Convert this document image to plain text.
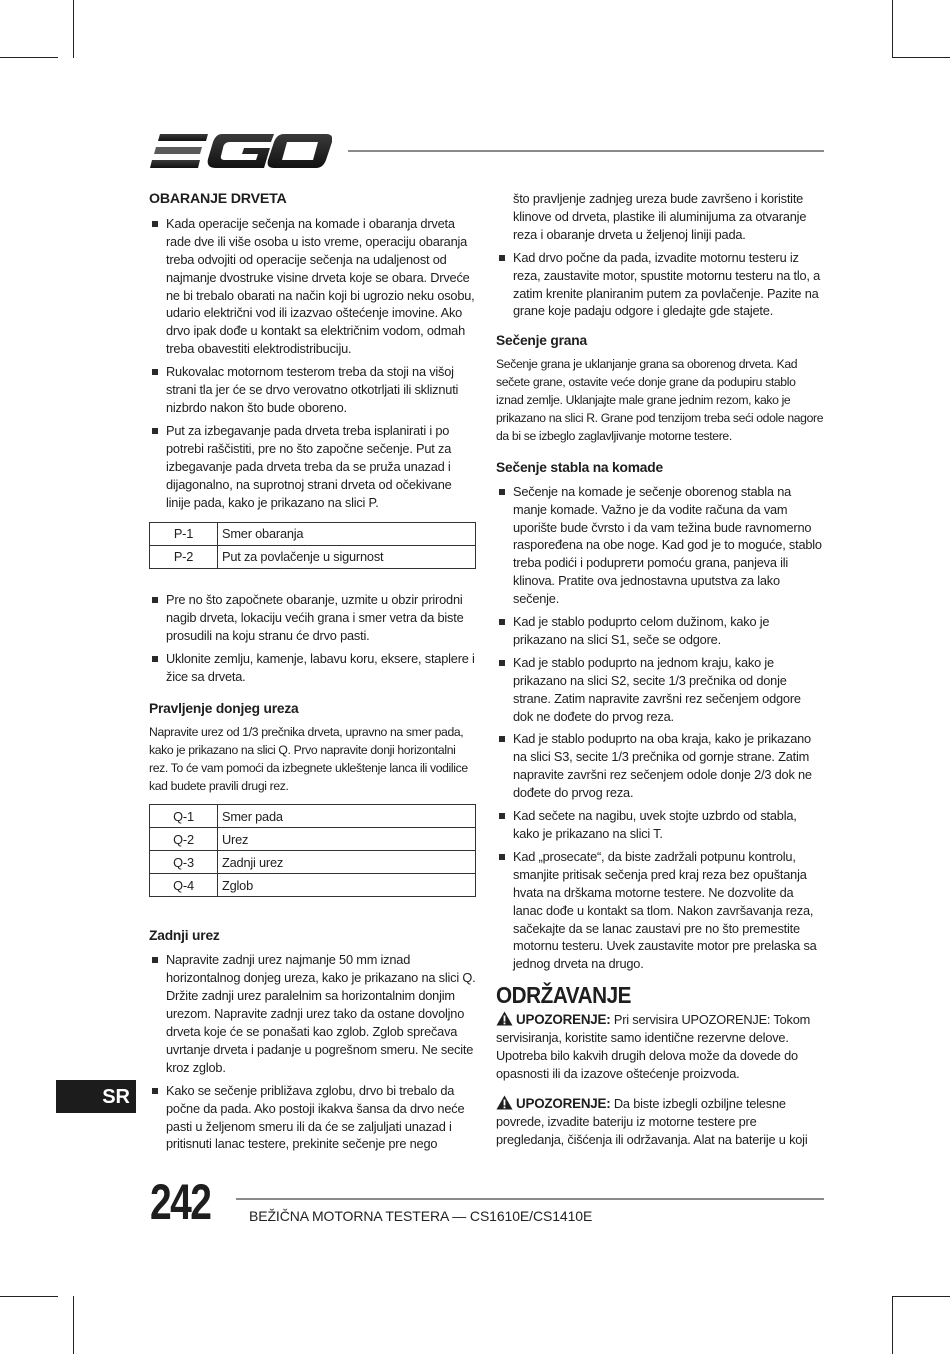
OBARANJE DRVETA
Kada operacije sečenja na komade i obaranja drveta rade dve ili više osoba u isto vreme, operaciju obaranja treba odvojiti od operacije sečenja na udaljenost od najmanje dvostruke visine drveta koje se obara. Drveće ne bi trebalo obarati na način koji bi ugrozio neku osobu, udario električni vod ili izazvao oštećenje imovine. Ako drvo ipak dođe u kontakt sa električnim vodom, odmah treba obavestiti elektrodistribuciju.
Rukovalac motornom testerom treba da stoji na višoj strani tla jer će se drvo verovatno otkotrljati ili skliznuti nizbrdo nakon što bude oboreno.
Put za izbegavanje pada drveta treba isplanirati i po potrebi raščistiti, pre no što započne sečenje. Put za izbegavanje pada drveta treba da se pruža unazad i dijagonalno, na suprotnoj strani drveta od očekivane linije pada, kako je prikazano na slici P.
P-1	Smer obaranja
P-2	Put za povlačenje u sigurnost
Pre no što započnete obaranje, uzmite u obzir prirodni nagib drveta, lokaciju većih grana i smer vetra da biste prosudili na koju stranu će drvo pasti.
Uklonite zemlju, kamenje, labavu koru, eksere, staplere i žice sa drveta.
Pravljenje donjeg ureza

Napravite urez od 1/3 prečnika drveta, upravno na smer pada, kako je prikazano na slici Q. Prvo napravite donji horizontalni rez. To će vam pomoći da izbegnete ukleštenje lanca ili vodilice kad budete pravili drugi rez.

Q-1	Smer pada
Q-2	Urez
Q-3	Zadnji urez
Q-4	Zglob
Zadnji urez
Napravite zadnji urez najmanje 50 mm iznad horizontalnog donjeg ureza, kako je prikazano na slici Q. Držite zadnji urez paralelnim sa horizontalnim donjim urezom. Napravite zadnji urez tako da ostane dovoljno drveta koje će se ponašati kao zglob. Zglob sprečava uvrtanje drveta i padanje u pogrešnom smeru. Ne secite kroz zglob.
Kako se sečenje približava zglobu, drvo bi trebalo da počne da pada. Ako postoji ikakva šansa da drvo neće pasti u željenom smeru ili da će se zaljuljati unazad i pritisnuti lanac testere, prekinite sečenje pre nego
što pravljenje zadnjeg ureza bude završeno i koristite klinove od drveta, plastike ili aluminijuma za otvaranje reza i obaranje drveta u željenoj liniji pada.
Kad drvo počne da pada, izvadite motornu testeru iz reza, zaustavite motor, spustite motornu testeru na tlo, a zatim krenite planiranim putem za povlačenje. Pazite na grane koje padaju odgore i gledajte gde stajete.
Sečenje grana

Sečenje grana je uklanjanje grana sa oborenog drveta. Kad sečete grane, ostavite veće donje grane da podupiru stablo iznad zemlje. Uklanjajte male grane jednim rezom, kako je prikazano na slici R. Grane pod tenzijom treba seći odole nagore da bi se izbeglo zaglavljivanje motorne testere.

Sečenje stabla na komade
Sečenje na komade je sečenje oborenog stabla na manje komade. Važno je da vodite računa da vam uporište bude čvrsto i da vam težina bude ravnomerno raspoređena na obe noge. Kad god je to moguće, stablo treba podići i poduprети pomoću grana, panjeva ili klinova. Pratite ova jednostavna uputstva za lako sečenje.
Kad je stablo poduprto celom dužinom, kako je prikazano na slici S1, seče se odgore.
Kad je stablo poduprto na jednom kraju, kako je prikazano na slici S2, secite 1/3 prečnika od donje strane. Zatim napravite završni rez sečenjem odgore dok ne dođete do prvog reza.
Kad je stablo poduprto na oba kraja, kako je prikazano na slici S3, secite 1/3 prečnika od gornje strane. Zatim napravite završni rez sečenjem odole donje 2/3 dok ne dođete do prvog reza.
Kad sečete na nagibu, uvek stojte uzbrdo od stabla, kako je prikazano na slici T.
Kad „prosecate“, da biste zadržali potpunu kontrolu, smanjite pritisak sečenja pred kraj reza bez opuštanja hvata na drškama motorne testere. Ne dozvolite da lanac dođe u kontakt sa tlom. Nakon završavanja reza, sačekajte da se lanac zaustavi pre no što premestite motornu testeru. Uvek zaustavite motor pre prelaska sa jednog drveta na drugo.
ODRŽAVANJE
UPOZORENJE: Pri servisira UPOZORENJE: Tokom servisiranja, koristite samo identične rezervne delove. Upotreba bilo kakvih drugih delova može da dovede do opasnosti ili da izazove oštećenje proizvoda.
UPOZORENJE: Da biste izbegli ozbiljne telesne povrede, izvadite bateriju iz motorne testere pre pregledanja, čišćenja ili održavanja. Alat na baterije u koji
SR
242	BEŽIČNA MOTORNA TESTERA — CS1610E/CS1410E
